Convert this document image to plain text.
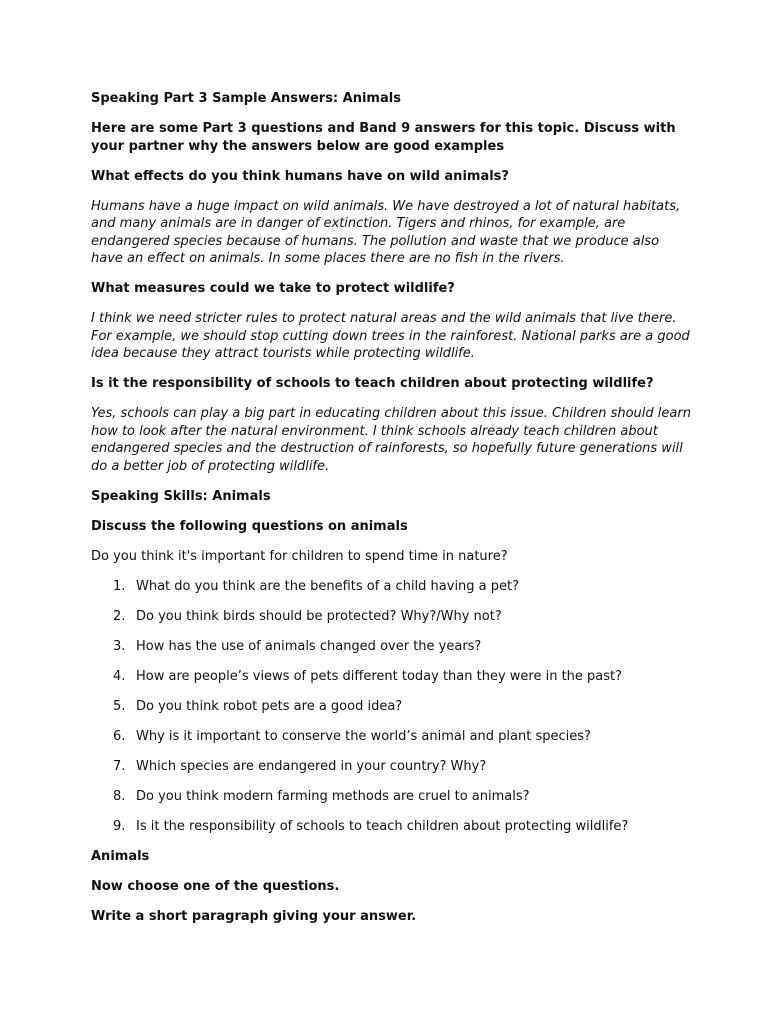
Speaking Part 3 Sample Answers: Animals
Here are some Part 3 questions and Band 9 answers for this topic. Discuss with your partner why the answers below are good examples
What effects do you think humans have on wild animals?
Humans have a huge impact on wild animals. We have destroyed a lot of natural habitats, and many animals are in danger of extinction. Tigers and rhinos, for example, are endangered species because of humans. The pollution and waste that we produce also have an effect on animals. In some places there are no fish in the rivers.
What measures could we take to protect wildlife?
I think we need stricter rules to protect natural areas and the wild animals that live there. For example, we should stop cutting down trees in the rainforest. National parks are a good idea because they attract tourists while protecting wildlife.
Is it the responsibility of schools to teach children about protecting wildlife?
Yes, schools can play a big part in educating children about this issue. Children should learn how to look after the natural environment. I think schools already teach children about endangered species and the destruction of rainforests, so hopefully future generations will do a better job of protecting wildlife.
Speaking Skills: Animals
Discuss the following questions on animals
Do you think it's important for children to spend time in nature?
1. What do you think are the benefits of a child having a pet?
2. Do you think birds should be protected? Why?/Why not?
3. How has the use of animals changed over the years?
4. How are people’s views of pets different today than they were in the past?
5. Do you think robot pets are a good idea?
6. Why is it important to conserve the world’s animal and plant species?
7. Which species are endangered in your country? Why?
8. Do you think modern farming methods are cruel to animals?
9. Is it the responsibility of schools to teach children about protecting wildlife?
Animals
Now choose one of the questions.
Write a short paragraph giving your answer.
